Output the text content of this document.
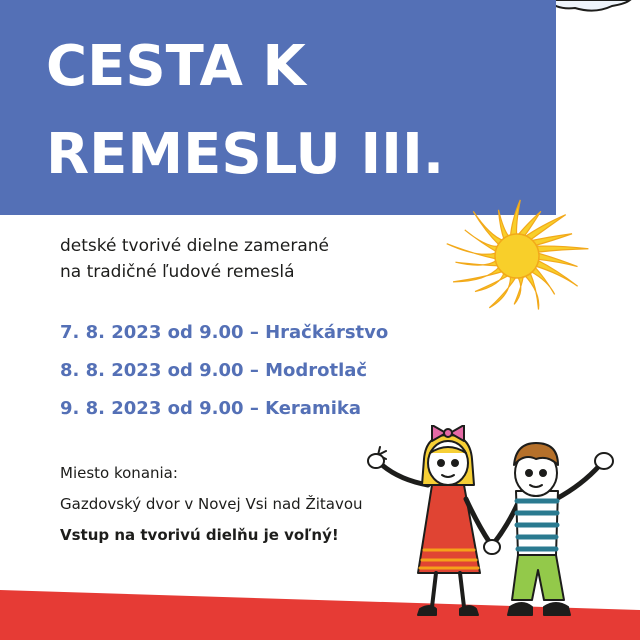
CESTA K
REMESLU III.
detské tvorivé dielne zamerané
na tradičné ľudové remeslá
7. 8. 2023 od 9.00 – Hračkárstvo
8. 8. 2023 od 9.00 – Modrotlač
9. 8. 2023 od 9.00 – Keramika
Miesto konania:
Gazdovský dvor v Novej Vsi nad Žitavou
Vstup na tvorivú dielňu je voľný!
